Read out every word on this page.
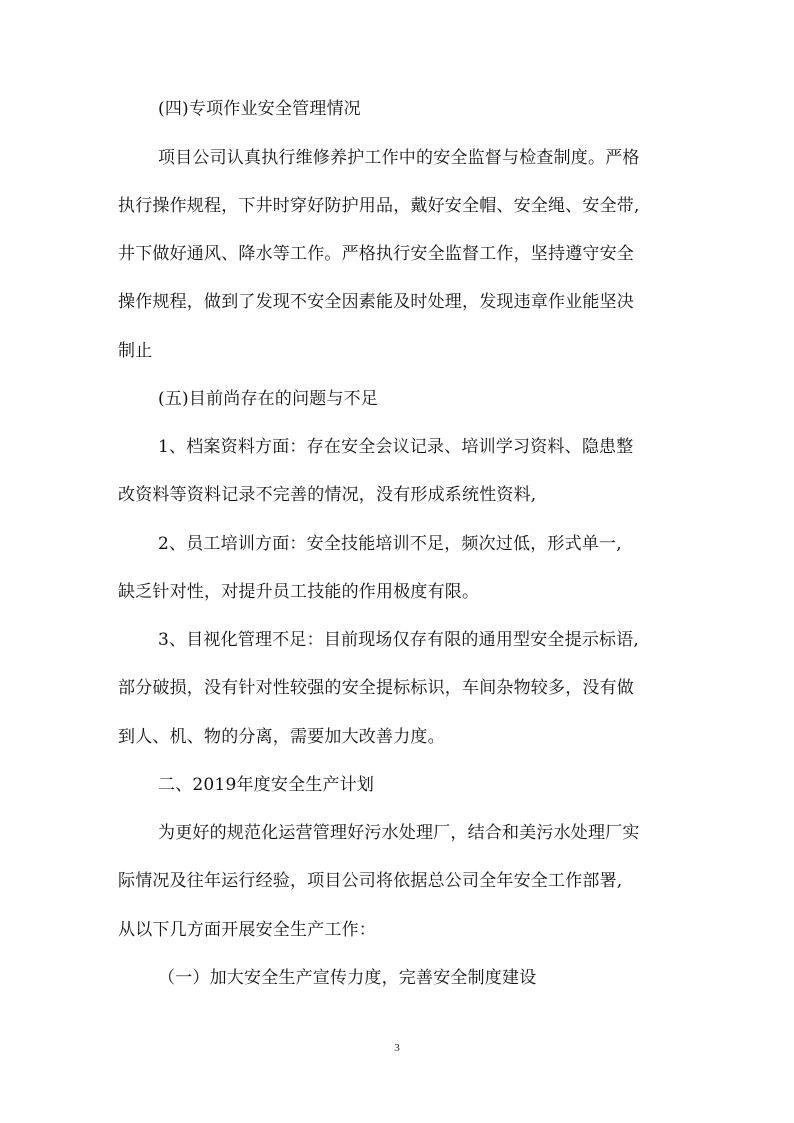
(四)专项作业安全管理情况
项目公司认真执行维修养护工作中的安全监督与检查制度。严格
执行操作规程，下井时穿好防护用品，戴好安全帽、安全绳、安全带,
井下做好通风、降水等工作。严格执行安全监督工作，坚持遵守安全
操作规程，做到了发现不安全因素能及时处理，发现违章作业能坚决
制止
(五)目前尚存在的问题与不足
1、档案资料方面：存在安全会议记录、培训学习资料、隐患整
改资料等资料记录不完善的情况，没有形成系统性资料,
2、员工培训方面：安全技能培训不足，频次过低，形式单一,
缺乏针对性，对提升员工技能的作用极度有限。
3、目视化管理不足：目前现场仅存有限的通用型安全提示标语,
部分破损，没有针对性较强的安全提标标识，车间杂物较多，没有做
到人、机、物的分离，需要加大改善力度。
二、2019年度安全生产计划
为更好的规范化运营管理好污水处理厂，结合和美污水处理厂实
际情况及往年运行经验，项目公司将依据总公司全年安全工作部署,
从以下几方面开展安全生产工作：
（一）加大安全生产宣传力度，完善安全制度建设
3
